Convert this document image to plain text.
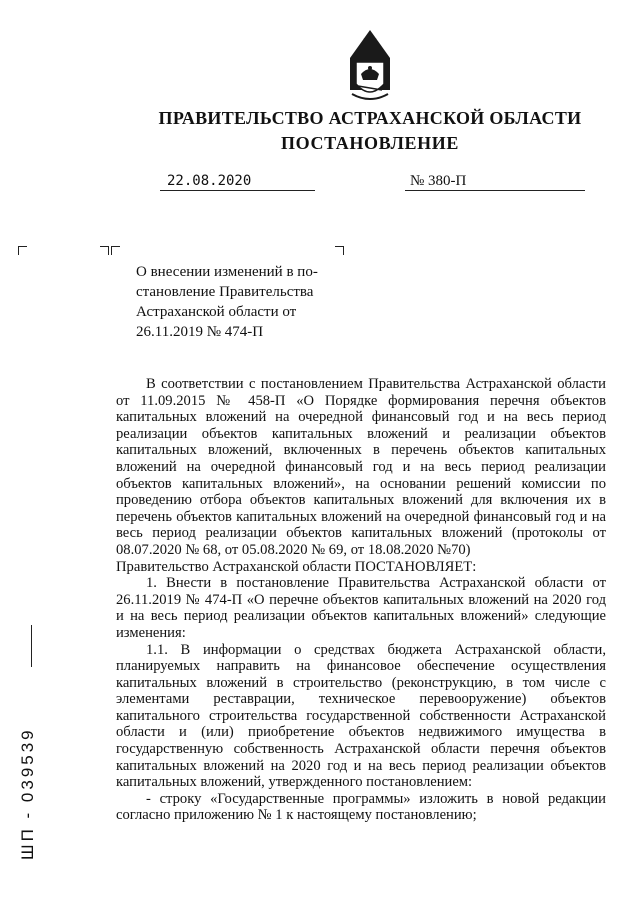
ПРАВИТЕЛЬСТВО АСТРАХАНСКОЙ ОБЛАСТИ
ПОСТАНОВЛЕНИЕ
22.08.2020	№ 380-П
О внесении изменений в по-
становление Правительства
Астраханской области от
26.11.2019 № 474-П

В соответствии с постановлением Правительства Астраханской области от 11.09.2015 № 458-П «О Порядке формирования перечня объектов капитальных вложений на очередной финансовый год и на весь период реализации объектов капитальных вложений и реализации объектов капитальных вложений, включенных в перечень объектов капитальных вложений на очередной финансовый год и на весь период реализации объектов капитальных вложений», на основании решений комиссии по проведению отбора объектов капитальных вложений для включения их в перечень объектов капитальных вложений на очередной финансовый год и на весь период реализации объектов капитальных вложений (протоколы от 08.07.2020 № 68, от 05.08.2020 № 69, от 18.08.2020 №70)

Правительство Астраханской области ПОСТАНОВЛЯЕТ:

1. Внести в постановление Правительства Астраханской области от 26.11.2019 № 474-П «О перечне объектов капитальных вложений на 2020 год и на весь период реализации объектов капитальных вложений» следующие изменения:

1.1. В информации о средствах бюджета Астраханской области, планируемых направить на финансовое обеспечение осуществления капитальных вложений в строительство (реконструкцию, в том числе с элементами реставрации, техническое перевооружение) объектов капитального строительства государственной собственности Астраханской области и (или) приобретение объектов недвижимого имущества в государственную собственность Астраханской области перечня объектов капитальных вложений на 2020 год и на весь период реализации объектов капитальных вложений, утвержденного постановлением:

- строку «Государственные программы» изложить в новой редакции согласно приложению № 1 к настоящему постановлению;

ШП - 039539
